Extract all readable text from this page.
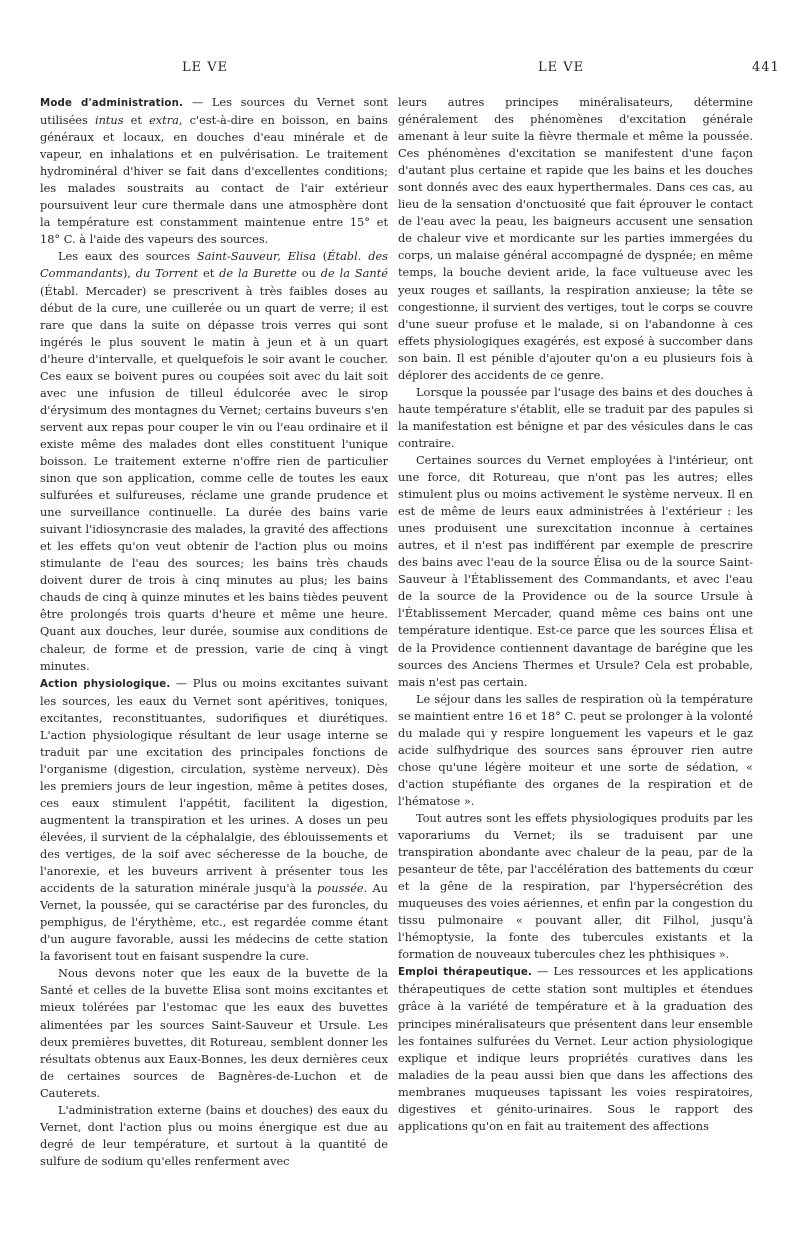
LE VE	LE VE	441

Mode d'administration. — Les sources du Vernet sont utilisées intus et extra, c'est-à-dire en boisson, en bains généraux et locaux, en douches d'eau minérale et de vapeur, en inhalations et en pulvérisation. Le traitement hydrominéral d'hiver se fait dans d'excellentes conditions; les malades soustraits au contact de l'air extérieur poursuivent leur cure thermale dans une atmosphère dont la température est constamment maintenue entre 15° et 18° C. à l'aide des vapeurs des sources.

Les eaux des sources Saint-Sauveur, Elisa (Établ. des Commandants), du Torrent et de la Burette ou de la Santé (Établ. Mercader) se prescrivent à très faibles doses au début de la cure, une cuillerée ou un quart de verre; il est rare que dans la suite on dépasse trois verres qui sont ingérés le plus souvent le matin à jeun et à un quart d'heure d'intervalle, et quelquefois le soir avant le coucher. Ces eaux se boivent pures ou coupées soit avec du lait soit avec une infusion de tilleul édulcorée avec le sirop d'érysimum des montagnes du Vernet; certains buveurs s'en servent aux repas pour couper le vin ou l'eau ordinaire et il existe même des malades dont elles constituent l'unique boisson. Le traitement externe n'offre rien de particulier sinon que son application, comme celle de toutes les eaux sulfurées et sulfureuses, réclame une grande prudence et une surveillance continuelle. La durée des bains varie suivant l'idiosyncrasie des malades, la gravité des affections et les effets qu'on veut obtenir de l'action plus ou moins stimulante de l'eau des sources; les bains très chauds doivent durer de trois à cinq minutes au plus; les bains chauds de cinq à quinze minutes et les bains tièdes peuvent être prolongés trois quarts d'heure et même une heure. Quant aux douches, leur durée, soumise aux conditions de chaleur, de forme et de pression, varie de cinq à vingt minutes.

Action physiologique. — Plus ou moins excitantes suivant les sources, les eaux du Vernet sont apéritives, toniques, excitantes, reconstituantes, sudorifiques et diurétiques. L'action physiologique résultant de leur usage interne se traduit par une excitation des principales fonctions de l'organisme (digestion, circulation, système nerveux). Dès les premiers jours de leur ingestion, même à petites doses, ces eaux stimulent l'appétit, facilitent la digestion, augmentent la transpiration et les urines. A doses un peu élevées, il survient de la céphalalgie, des éblouissements et des vertiges, de la soif avec sécheresse de la bouche, de l'anorexie, et les buveurs arrivent à présenter tous les accidents de la saturation minérale jusqu'à la poussée. Au Vernet, la poussée, qui se caractérise par des furoncles, du pemphigus, de l'érythème, etc., est regardée comme étant d'un augure favorable, aussi les médecins de cette station la favorisent tout en faisant suspendre la cure.

Nous devons noter que les eaux de la buvette de la Santé et celles de la buvette Elisa sont moins excitantes et mieux tolérées par l'estomac que les eaux des buvettes alimentées par les sources Saint-Sauveur et Ursule. Les deux premières buvettes, dit Rotureau, semblent donner les résultats obtenus aux Eaux-Bonnes, les deux dernières ceux de certaines sources de Bagnères-de-Luchon et de Cauterets.

L'administration externe (bains et douches) des eaux du Vernet, dont l'action plus ou moins énergique est due au degré de leur température, et surtout à la quantité de sulfure de sodium qu'elles renferment avec

leurs autres principes minéralisateurs, détermine généralement des phénomènes d'excitation générale amenant à leur suite la fièvre thermale et même la poussée. Ces phénomènes d'excitation se manifestent d'une façon d'autant plus certaine et rapide que les bains et les douches sont donnés avec des eaux hyperthermales. Dans ces cas, au lieu de la sensation d'onctuosité que fait éprouver le contact de l'eau avec la peau, les baigneurs accusent une sensation de chaleur vive et mordicante sur les parties immergées du corps, un malaise général accompagné de dyspnée; en même temps, la bouche devient aride, la face vultueuse avec les yeux rouges et saillants, la respiration anxieuse; la tête se congestionne, il survient des vertiges, tout le corps se couvre d'une sueur profuse et le malade, si on l'abandonne à ces effets physiologiques exagérés, est exposé à succomber dans son bain. Il est pénible d'ajouter qu'on a eu plusieurs fois à déplorer des accidents de ce genre.

Lorsque la poussée par l'usage des bains et des douches à haute température s'établit, elle se traduit par des papules si la manifestation est bénigne et par des vésicules dans le cas contraire.

Certaines sources du Vernet employées à l'intérieur, ont une force, dit Rotureau, que n'ont pas les autres; elles stimulent plus ou moins activement le système nerveux. Il en est de même de leurs eaux administrées à l'extérieur : les unes produisent une surexcitation inconnue à certaines autres, et il n'est pas indifférent par exemple de prescrire des bains avec l'eau de la source Élisa ou de la source Saint-Sauveur à l'Établissement des Commandants, et avec l'eau de la source de la Providence ou de la source Ursule à l'Établissement Mercader, quand même ces bains ont une température identique. Est-ce parce que les sources Élisa et de la Providence contiennent davantage de barégine que les sources des Anciens Thermes et Ursule? Cela est probable, mais n'est pas certain.

Le séjour dans les salles de respiration où la température se maintient entre 16 et 18° C. peut se prolonger à la volonté du malade qui y respire longuement les vapeurs et le gaz acide sulfhydrique des sources sans éprouver rien autre chose qu'une légère moiteur et une sorte de sédation, « d'action stupéfiante des organes de la respiration et de l'hématose ».

Tout autres sont les effets physiologiques produits par les vaporariums du Vernet; ils se traduisent par une transpiration abondante avec chaleur de la peau, par de la pesanteur de tête, par l'accélération des battements du cœur et la gêne de la respiration, par l'hypersécrétion des muqueuses des voies aériennes, et enfin par la congestion du tissu pulmonaire « pouvant aller, dit Filhol, jusqu'à l'hémoptysie, la fonte des tubercules existants et la formation de nouveaux tubercules chez les phthisiques ».

Emploi thérapeutique. — Les ressources et les applications thérapeutiques de cette station sont multiples et étendues grâce à la variété de température et à la graduation des principes minéralisateurs que présentent dans leur ensemble les fontaines sulfurées du Vernet. Leur action physiologique explique et indique leurs propriétés curatives dans les maladies de la peau aussi bien que dans les affections des membranes muqueuses tapissant les voies respiratoires, digestives et génito-urinaires. Sous le rapport des applications qu'on en fait au traitement des affections
